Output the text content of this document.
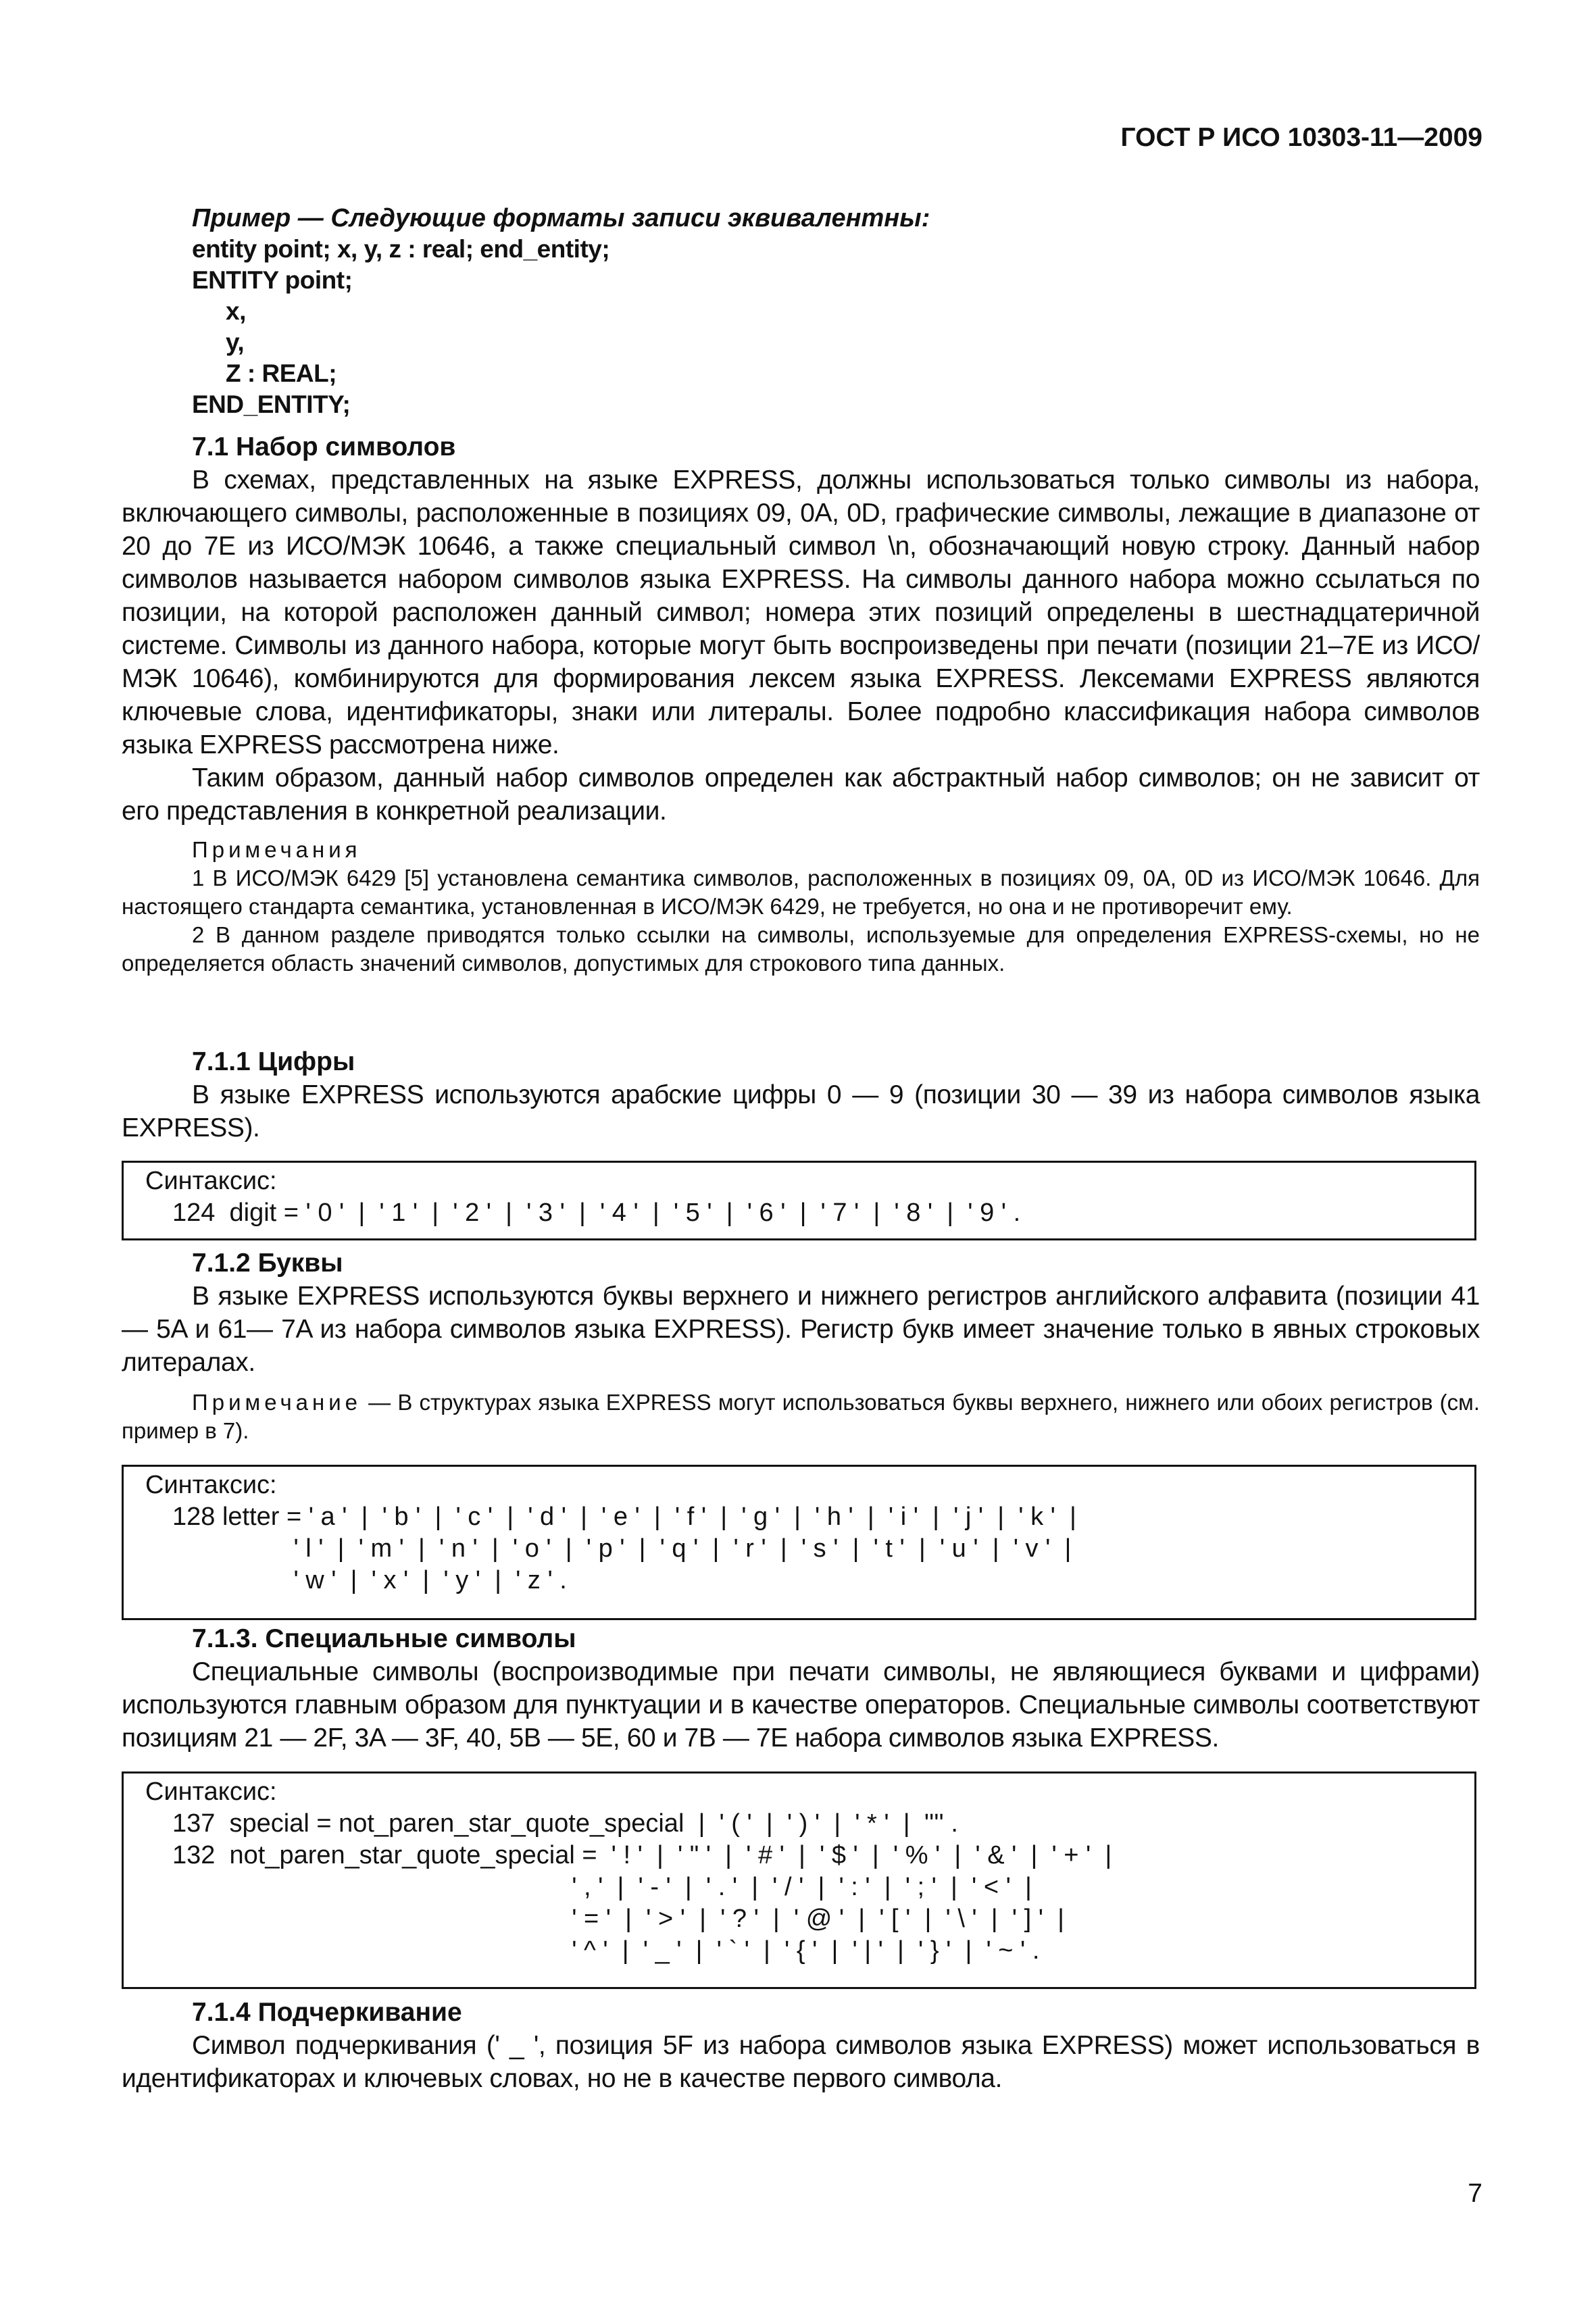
ГОСТ Р ИСО 10303-11—2009

Пример — Следующие форматы записи эквивалентны:

entity point; x, y, z : real; end_entity;

ENTITY point;

x,

y,

Z : REAL;

END_ENTITY;

7.1 Набор символов

В схемах, представленных на языке EXPRESS, должны использоваться только символы из набора, включающего символы, расположенные в позициях 09, 0A, 0D, графические символы, лежащие в диапазоне от 20 до 7E из ИСО/МЭК 10646, а также специальный символ \n, обозначающий новую строку. Данный набор символов называется набором символов языка EXPRESS. На символы данного набора можно ссылаться по позиции, на которой расположен данный символ; номера этих позиций определены в шестнадцатеричной системе. Символы из данного набора, которые могут быть воспроизведены при печати (позиции 21–7E из ИСО/МЭК 10646), комбинируются для формирования лексем языка EXPRESS. Лексемами EXPRESS являются ключевые слова, идентификаторы, знаки или литералы. Более подробно классификация набора символов языка EXPRESS рассмотрена ниже.

Таким образом, данный набор символов определен как абстрактный набор символов; он не зависит от его представления в конкретной реализации.

Примечания

1 В ИСО/МЭК 6429 [5] установлена семантика символов, расположенных в позициях 09, 0A, 0D из ИСО/МЭК 10646. Для настоящего стандарта семантика, установленная в ИСО/МЭК 6429, не требуется, но она и не противоречит ему.

2 В данном разделе приводятся только ссылки на символы, используемые для определения EXPRESS-схемы, но не определяется область значений символов, допустимых для строкового типа данных.

7.1.1 Цифры

В языке EXPRESS используются арабские цифры 0 — 9 (позиции 30 — 39 из набора символов языка EXPRESS).

Синтаксис:

124  digit = ' 0 '  |  ' 1 '  |  ' 2 '  |  ' 3 '  |  ' 4 '  |  ' 5 '  |  ' 6 '  |  ' 7 '  |  ' 8 '  |  ' 9 ' .

7.1.2 Буквы

В языке EXPRESS используются буквы верхнего и нижнего регистров английского алфавита (позиции 41— 5A и 61— 7A из набора символов языка EXPRESS). Регистр букв имеет значение только в явных строковых литералах.

Примечание — В структурах языка EXPRESS могут использоваться буквы верхнего, нижнего или обоих регистров (см. пример в 7).

Синтаксис:

128 letter = ' a '  |  ' b '  |  ' c '  |  ' d '  |  ' e '  |  ' f '  |  ' g '  |  ' h '  |  ' i '  |  ' j '  |  ' k '  |

' l '  |  ' m '  |  ' n '  |  ' o '  |  ' p '  |  ' q '  |  ' r '  |  ' s '  |  ' t '  |  ' u '  |  ' v '  |

' w '  |  ' x '  |  ' y '  |  ' z ' .

7.1.3. Специальные символы

Специальные символы (воспроизводимые при печати символы, не являющиеся буквами и цифрами) используются главным образом для пунктуации и в качестве операторов. Специальные символы соответствуют позициям 21 — 2F, 3A — 3F, 40, 5B — 5E, 60 и 7B — 7E набора символов языка EXPRESS.

Синтаксис:

137  special = not_paren_star_quote_special  |  ' ( '  |  ' ) '  |  ' * '  |  '''' .

132  not_paren_star_quote_special =  ' ! '  |  ' " '  |  ' # '  |  ' $ '  |  ' % '  |  ' & '  |  ' + '  |

' , '  |  ' - '  |  ' . '  |  ' / '  |  ' : '  |  ' ; '  |  ' < '  |

' = '  |  ' > '  |  ' ? '  |  ' @ '  |  ' [ '  |  ' \ '  |  ' ] '  |

' ^ '  |  ' _ '  |  ' ` '  |  ' { '  |  ' | '  |  ' } '  |  ' ~ ' .

7.1.4 Подчеркивание

Символ подчеркивания (' _ ', позиция 5F из набора символов языка EXPRESS) может использоваться в идентификаторах и ключевых словах, но не в качестве первого символа.

7
